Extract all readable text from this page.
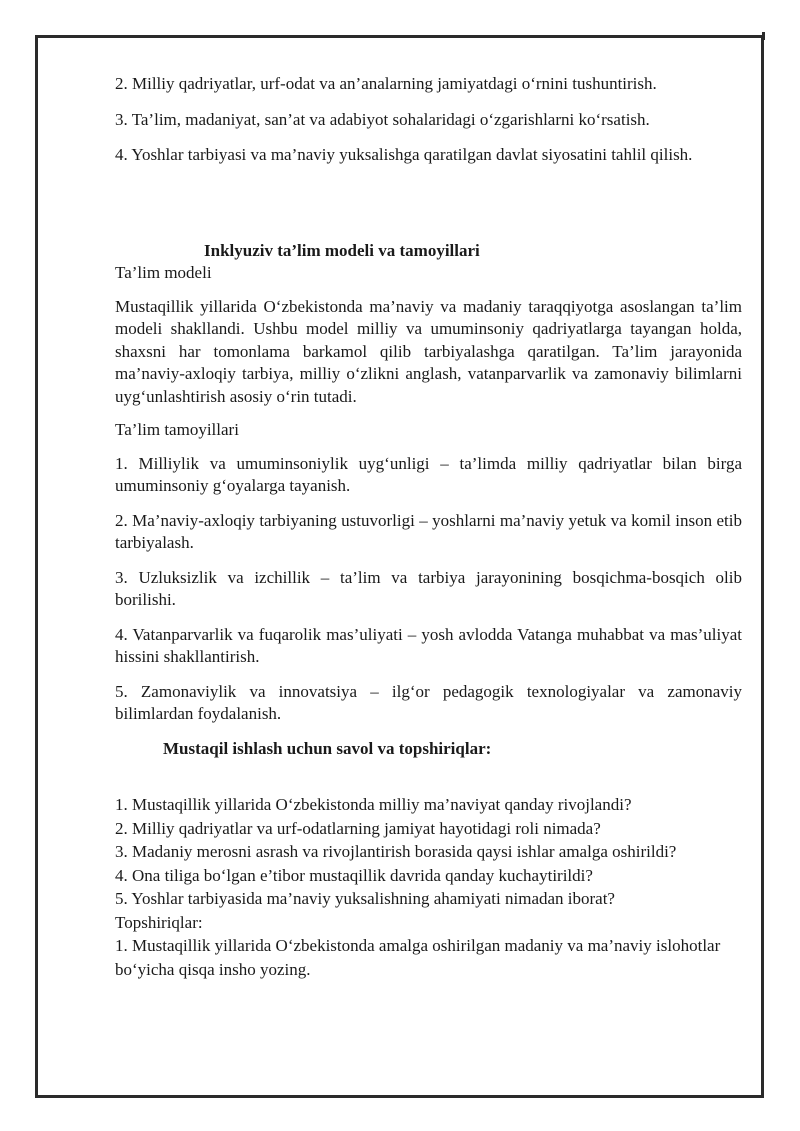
2. Milliy qadriyatlar, urf-odat va an’analarning jamiyatdagi o‘rnini tushuntirish.

3. Ta’lim, madaniyat, san’at va adabiyot sohalaridagi o‘zgarishlarni ko‘rsatish.

4. Yoshlar tarbiyasi va ma’naviy yuksalishga qaratilgan davlat siyosatini tahlil qilish.

Inklyuziv ta’lim modeli va tamoyillari

Ta’lim modeli

Mustaqillik yillarida O‘zbekistonda ma’naviy va madaniy taraqqiyotga asoslangan ta’lim modeli shakllandi. Ushbu model milliy va umuminsoniy qadriyatlarga tayangan holda, shaxsni har tomonlama barkamol qilib tarbiyalashga qaratilgan. Ta’lim jarayonida ma’naviy-axloqiy tarbiya, milliy o‘zlikni anglash, vatanparvarlik va zamonaviy bilimlarni uyg‘unlashtirish asosiy o‘rin tutadi.

Ta’lim tamoyillari

1. Milliylik va umuminsoniylik uyg‘unligi – ta’limda milliy qadriyatlar bilan birga umuminsoniy g‘oyalarga tayanish.

2. Ma’naviy-axloqiy tarbiyaning ustuvorligi – yoshlarni ma’naviy yetuk va komil inson etib tarbiyalash.

3. Uzluksizlik va izchillik – ta’lim va tarbiya jarayonining bosqichma-bosqich olib borilishi.

4. Vatanparvarlik va fuqarolik mas’uliyati – yosh avlodda Vatanga muhabbat va mas’uliyat hissini shakllantirish.

5. Zamonaviylik va innovatsiya – ilg‘or pedagogik texnologiyalar va zamonaviy bilimlardan foydalanish.

Mustaqil ishlash uchun savol va topshiriqlar:

1. Mustaqillik yillarida O‘zbekistonda milliy ma’naviyat qanday rivojlandi?

2. Milliy qadriyatlar va urf-odatlarning jamiyat hayotidagi roli nimada?

3. Madaniy merosni asrash va rivojlantirish borasida qaysi ishlar amalga oshirildi?

4. Ona tiliga bo‘lgan e’tibor mustaqillik davrida qanday kuchaytirildi?

5. Yoshlar tarbiyasida ma’naviy yuksalishning ahamiyati nimadan iborat?

Topshiriqlar:

1. Mustaqillik yillarida O‘zbekistonda amalga oshirilgan madaniy va ma’naviy islohotlar bo‘yicha qisqa insho yozing.
